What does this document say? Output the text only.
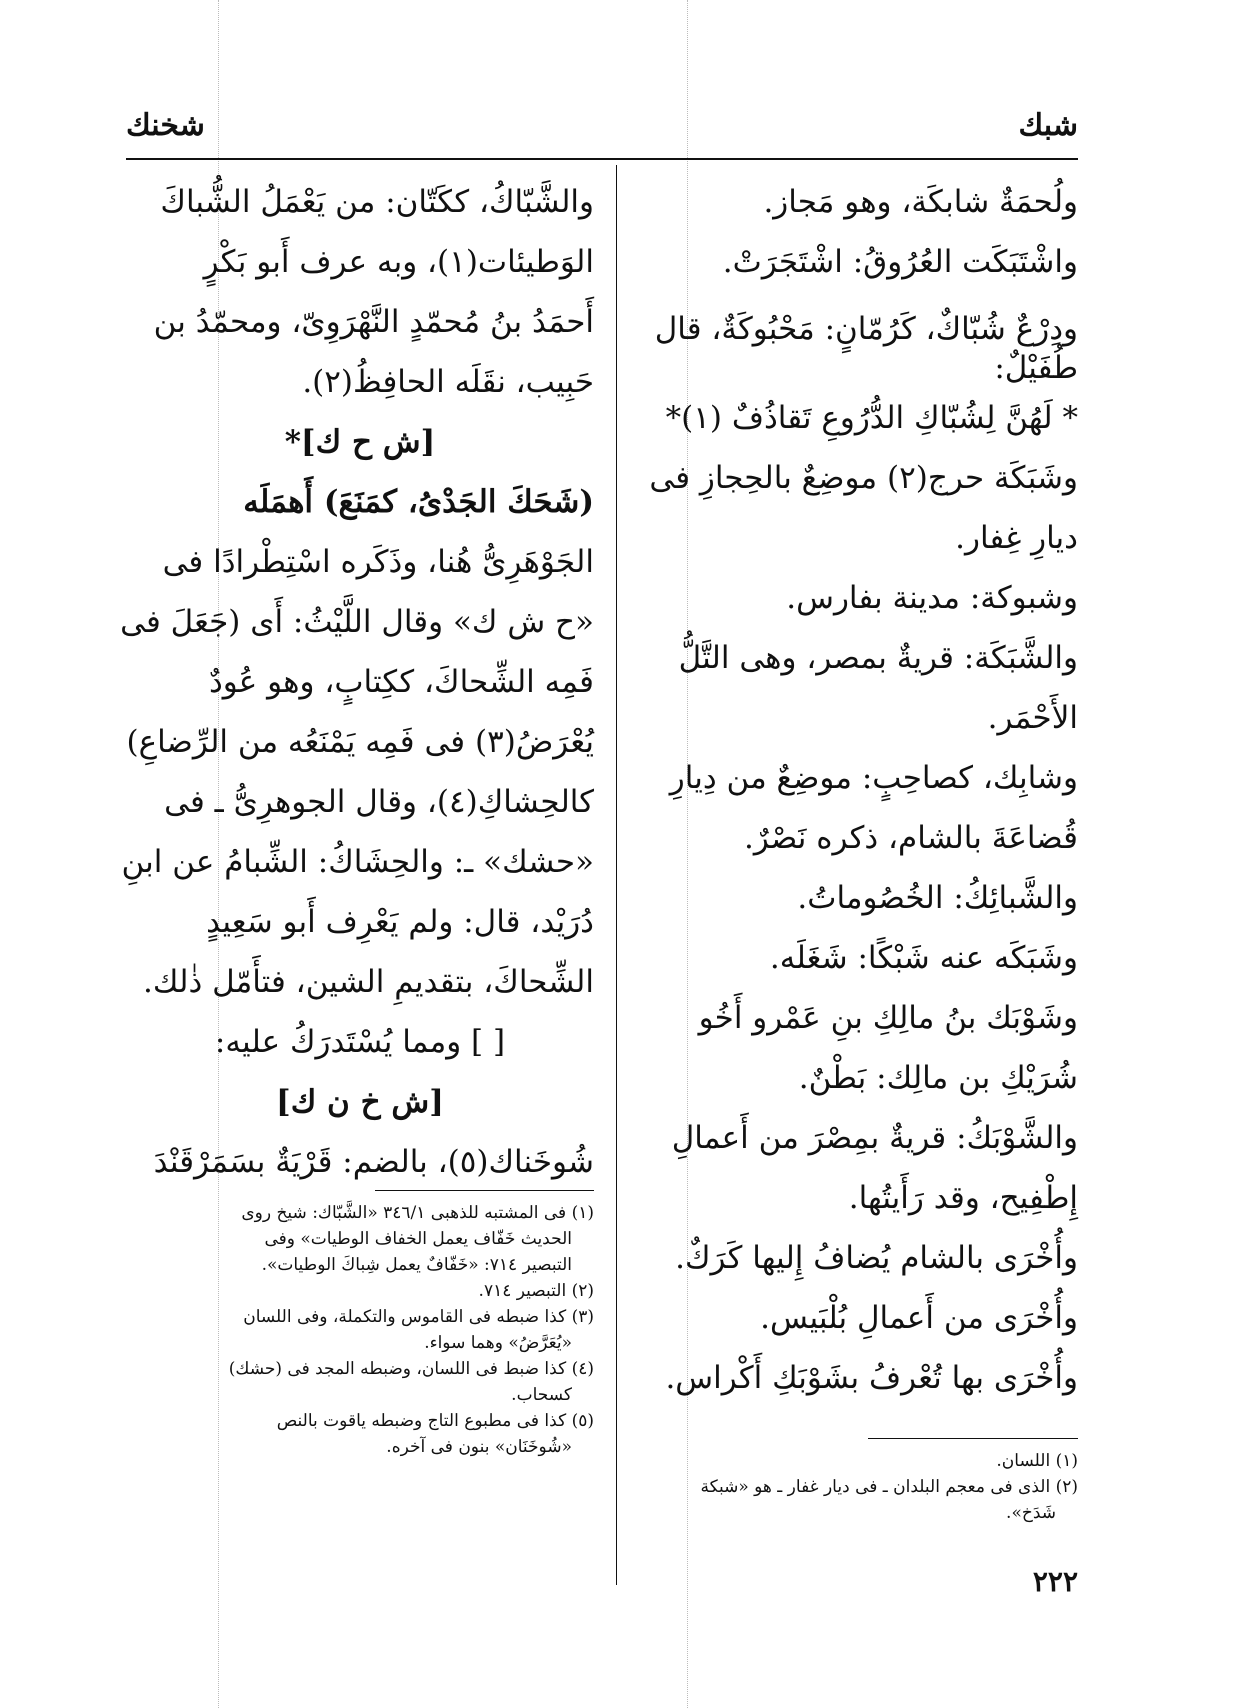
شخنك	شبك
ولُحمَةٌ شابكَة، وهو مَجاز.
واشْتَبَكَت العُرُوقُ: اشْتَجَرَتْ.
ودِرْعٌ شُبّاكٌ، كَرُمّانٍ: مَحْبُوكَةٌ، قال
طُفَيْلٌ:
* لَهُنَّ لِشُبّاكِ الدُّرُوعِ تَقاذُفٌ (١)*
وشَبَكَة حرج(٢) موضِعٌ بالحِجازِ فى
ديارِ غِفار.
وشبوكة: مدينة بفارس.
والشَّبَكَة: قريةٌ بمصر، وهى التَّلُّ
الأَحْمَر.
وشابِك، كصاحِبٍ: موضِعٌ من دِيارِ
قُضاعَةَ بالشام، ذكره نَصْرٌ.
والشَّبائِكُ: الخُصُوماتُ.
وشَبَكَه عنه شَبْكًا: شَغَلَه.
وشَوْبَك بنُ مالِكِ بنِ عَمْرو أَخُو
شُرَيْكِ بن مالِك: بَطْنٌ.
والشَّوْبَكُ: قريةٌ بمِصْرَ من أَعمالِ
إِطْفِيح، وقد رَأَيتُها.
وأُخْرَى بالشام يُضافُ إِليها كَرَكٌ.
وأُخْرَى من أَعمالِ بُلْبَيس.
وأُخْرَى بها تُعْرفُ بشَوْبَكِ أَكْراس.
والشَّبّاكُ، ككَتّان: من يَعْمَلُ الشُّباكَ
الوَطيئات(١)، وبه عرف أَبو بَكْرٍ
أَحمَدُ بنُ مُحمّدٍ النَّهْرَوِىّ، ومحمّدُ بن
حَبِيب، نقَلَه الحافِظُ(٢).
[ش ح ك]*
(شَحَكَ الجَدْىُ، كمَنَعَ) أَهمَلَه
الجَوْهَرِىُّ هُنا، وذَكَره اسْتِطْرادًا فى
«ح ش ك» وقال اللَّيْثُ: أَى (جَعَلَ فى
فَمِه الشِّحاكَ، ككِتابٍ، وهو عُودٌ
يُعْرَضُ(٣) فى فَمِه يَمْنَعُه من الرِّضاعِ)
كالحِشاكِ(٤)، وقال الجوهرِىُّ ـ فى
«حشك» ـ: والحِشَاكُ: الشِّبامُ عن ابنِ
دُرَيْد، قال: ولم يَعْرِف أَبو سَعِيدٍ
الشِّحاكَ، بتقديمِ الشين، فتأَمّل ذٰلك.
[ ] ومما يُسْتَدرَكُ عليه:
[ش خ ن ك]
شُوخَناك(٥)، بالضم: قَرْيَةٌ بسَمَرْقَنْدَ
(١) فى المشتبه للذهبى ٣٤٦/١ «الشَّبّاك: شيخ روى
الحديث خَفّاف يعمل الخفاف الوطيات» وفى
التبصير ٧١٤: «خَفّافٌ يعمل شِباكَ الوطيات».
(٢) التبصير ٧١٤.
(٣) كذا ضبطه فى القاموس والتكملة، وفى اللسان
«يُعَرَّضُ» وهما سواء.
(٤) كذا ضبط فى اللسان، وضبطه المجد فى (حشك)
كسحاب.
(٥) كذا فى مطبوع التاج وضبطه ياقوت بالنص
«شُوخَنَان» بنون فى آخره.
(١) اللسان.
(٢) الذى فى معجم البلدان ـ فى ديار غفار ـ هو «شبكة
شَدَخ».
٢٢٢
